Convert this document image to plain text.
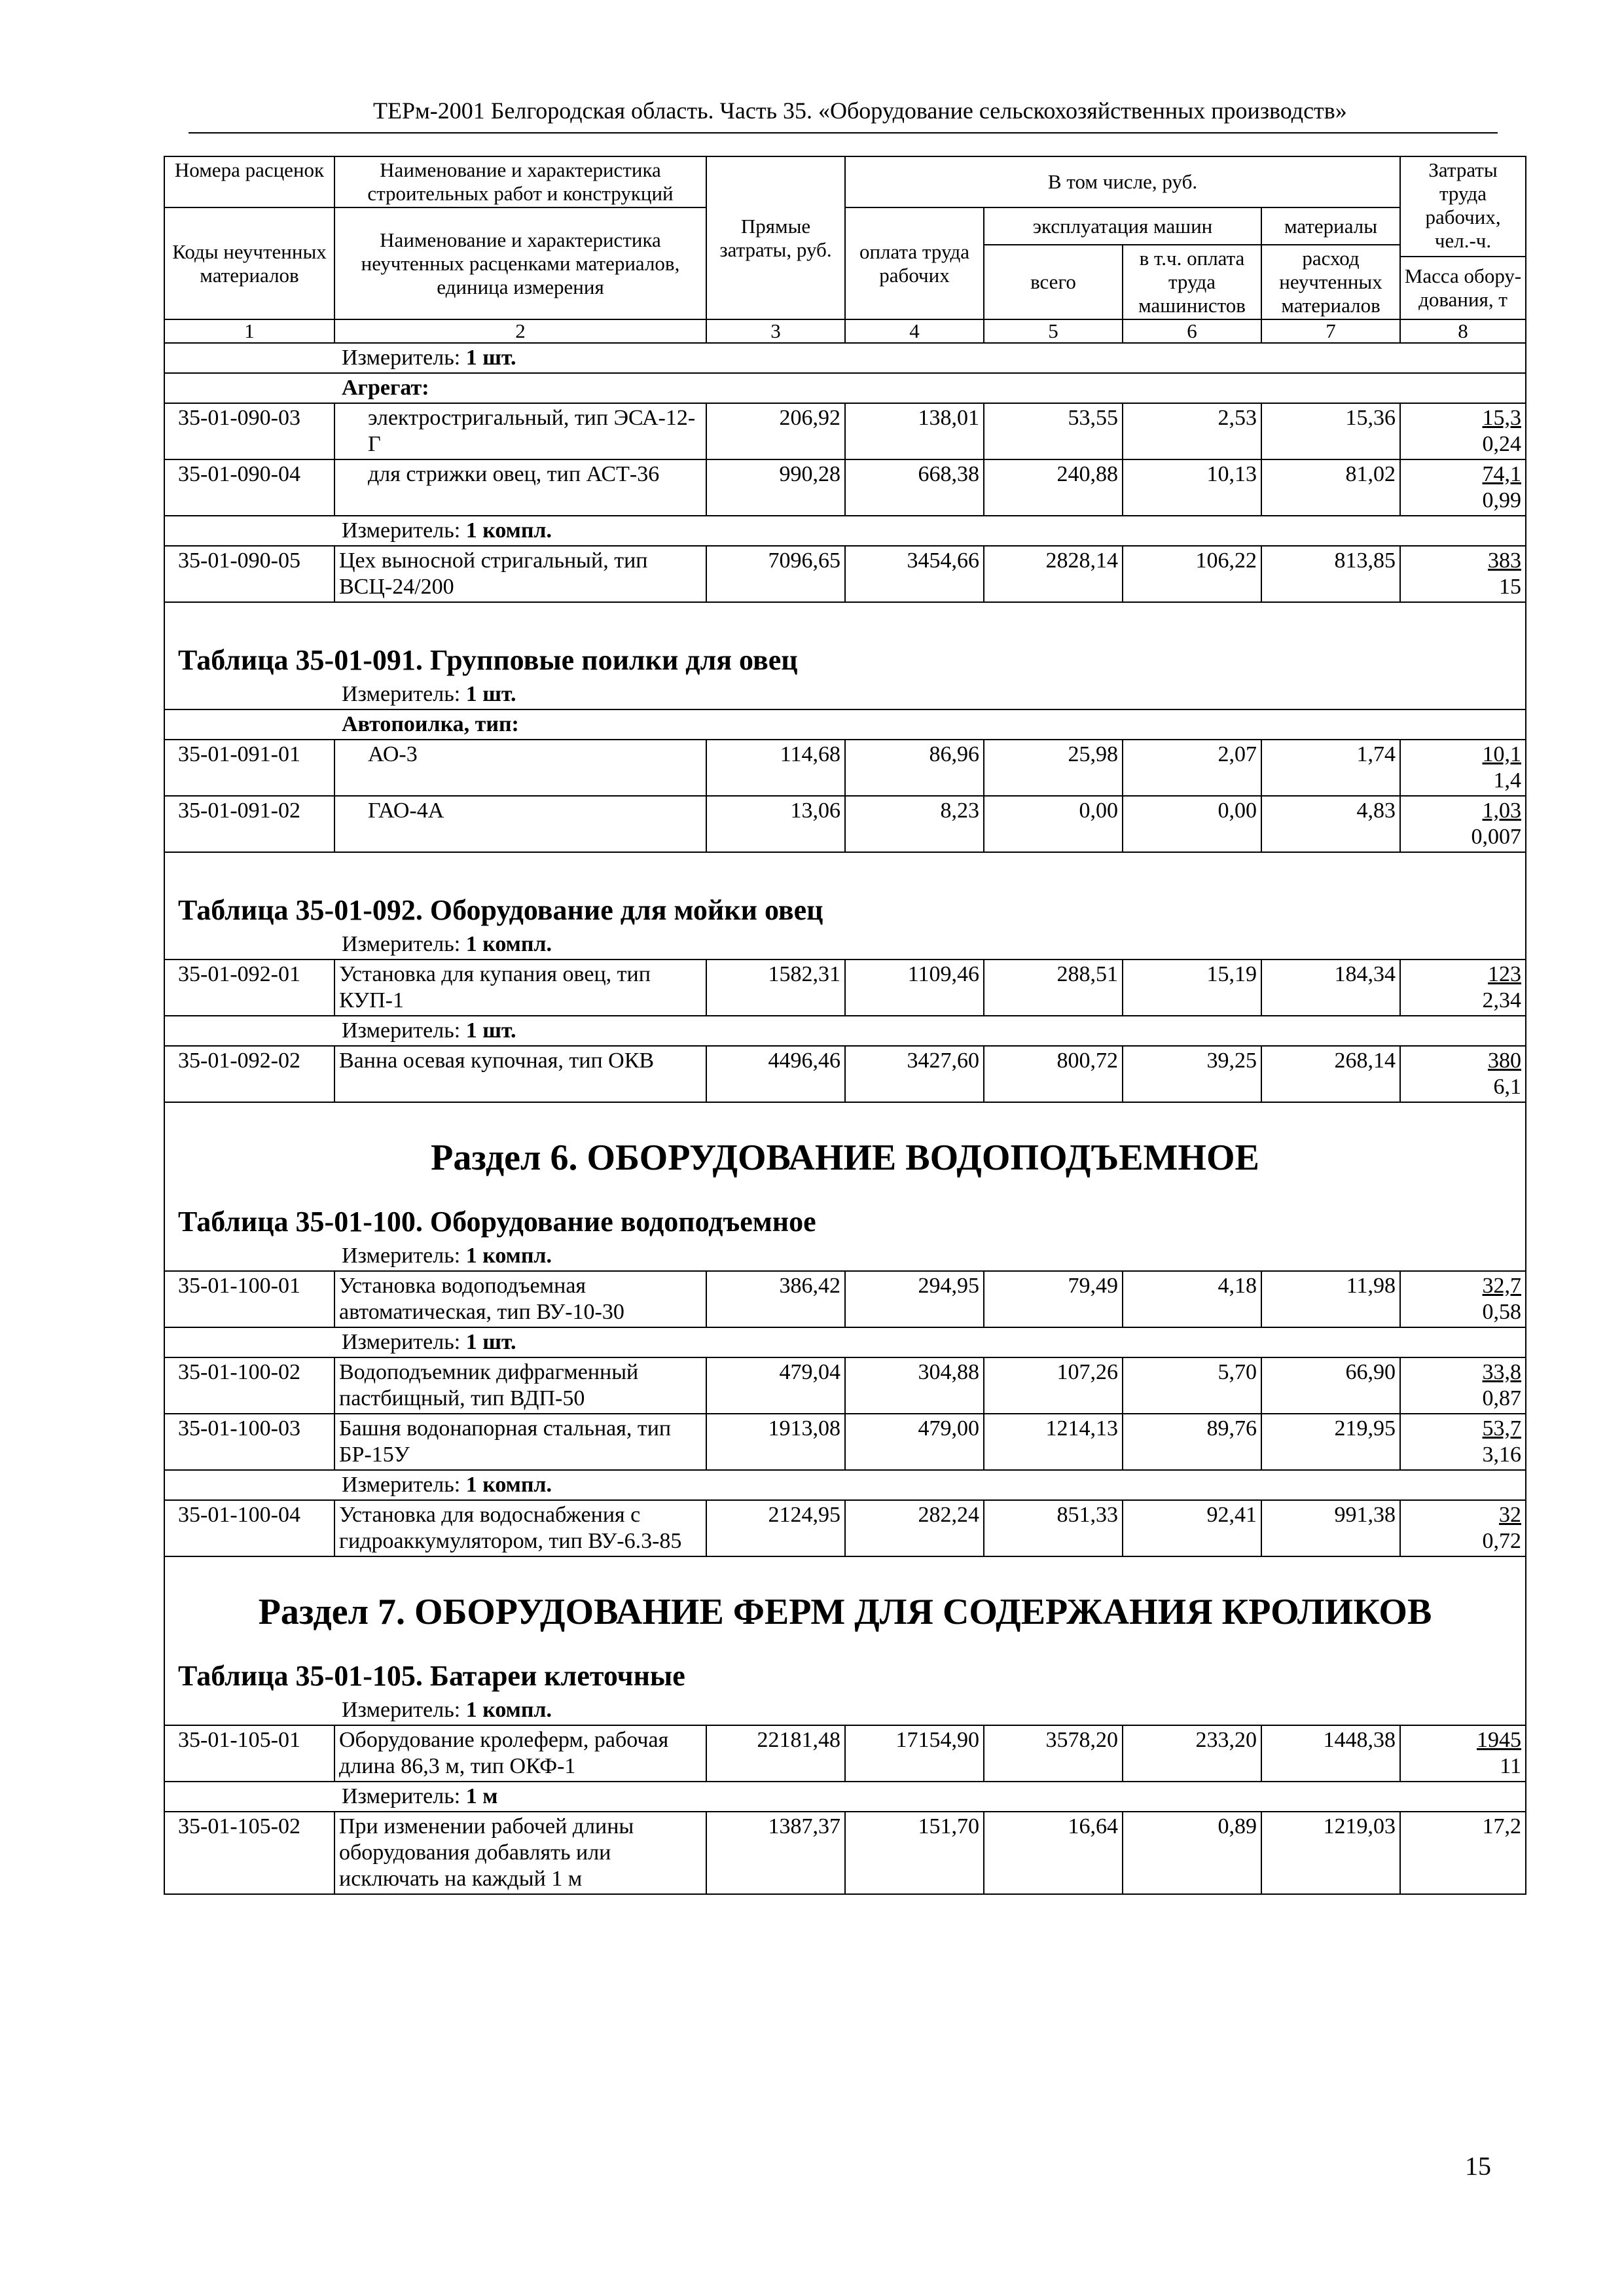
ТЕРм-2001 Белгородская область. Часть 35. «Оборудование сельскохозяйственных производств»
Номера расценок	Наименование и характеристика строительных работ и конструкций	Прямые затраты, руб.	В том числе, руб.				Затраты труда рабочих, чел.-ч.
Коды неучтенных материалов	Наименование и характеристика неучтенных расценками материалов, единица измерения		оплата труда рабочих	эксплуатация машин		материалы	
				всего	в т.ч. оплата труда машинистов	расход неучтенных материалов	
							Масса обору-дования, т
1	2	3	4	5	6	7	8
Измеритель: 1 шт.							
Агрегат:							
35-01-090-03	электростригальный, тип ЭСА-12-Г	206,92	138,01	53,55	2,53	15,36	15,3
0,24

35-01-090-04	для стрижки овец, тип АСТ-36	990,28	668,38	240,88	10,13	81,02	74,1
0,99

Измеритель: 1 компл.							
35-01-090-05	Цех выносной стригальный, тип ВСЦ-24/200	7096,65	3454,66	2828,14	106,22	813,85	383
15

Таблица 35-01-091. Групповые поилки для овец							
Измеритель: 1 шт.							
Автопоилка, тип:							
35-01-091-01	АО-3	114,68	86,96	25,98	2,07	1,74	10,1
1,4

35-01-091-02	ГАО-4А	13,06	8,23	0,00	0,00	4,83	1,03
0,007

Таблица 35-01-092. Оборудование для мойки овец							
Измеритель: 1 компл.							
35-01-092-01	Установка для купания овец, тип КУП-1	1582,31	1109,46	288,51	15,19	184,34	123
2,34

Измеритель: 1 шт.							
35-01-092-02	Ванна осевая купочная, тип ОКВ	4496,46	3427,60	800,72	39,25	268,14	380
6,1

Раздел 6. ОБОРУДОВАНИЕ ВОДОПОДЪЕМНОЕ							
Таблица 35-01-100. Оборудование водоподъемное							
Измеритель: 1 компл.							
35-01-100-01	Установка водоподъемная автоматическая, тип ВУ-10-30	386,42	294,95	79,49	4,18	11,98	32,7
0,58

Измеритель: 1 шт.							
35-01-100-02	Водоподъемник дифрагменный пастбищный, тип ВДП-50	479,04	304,88	107,26	5,70	66,90	33,8
0,87

35-01-100-03	Башня водонапорная стальная, тип БР-15У	1913,08	479,00	1214,13	89,76	219,95	53,7
3,16

Измеритель: 1 компл.							
35-01-100-04	Установка для водоснабжения с гидроаккумулятором, тип ВУ-6.3-85	2124,95	282,24	851,33	92,41	991,38	32
0,72

Раздел 7. ОБОРУДОВАНИЕ ФЕРМ ДЛЯ СОДЕРЖАНИЯ КРОЛИКОВ							
Таблица 35-01-105. Батареи клеточные							
Измеритель: 1 компл.							
35-01-105-01	Оборудование кролеферм, рабочая длина 86,3 м, тип ОКФ-1	22181,48	17154,90	3578,20	233,20	1448,38	1945
11

Измеритель: 1 м							
35-01-105-02	При изменении рабочей длины оборудования добавлять или исключать на каждый 1 м	1387,37	151,70	16,64	0,89	1219,03	17,2
15
